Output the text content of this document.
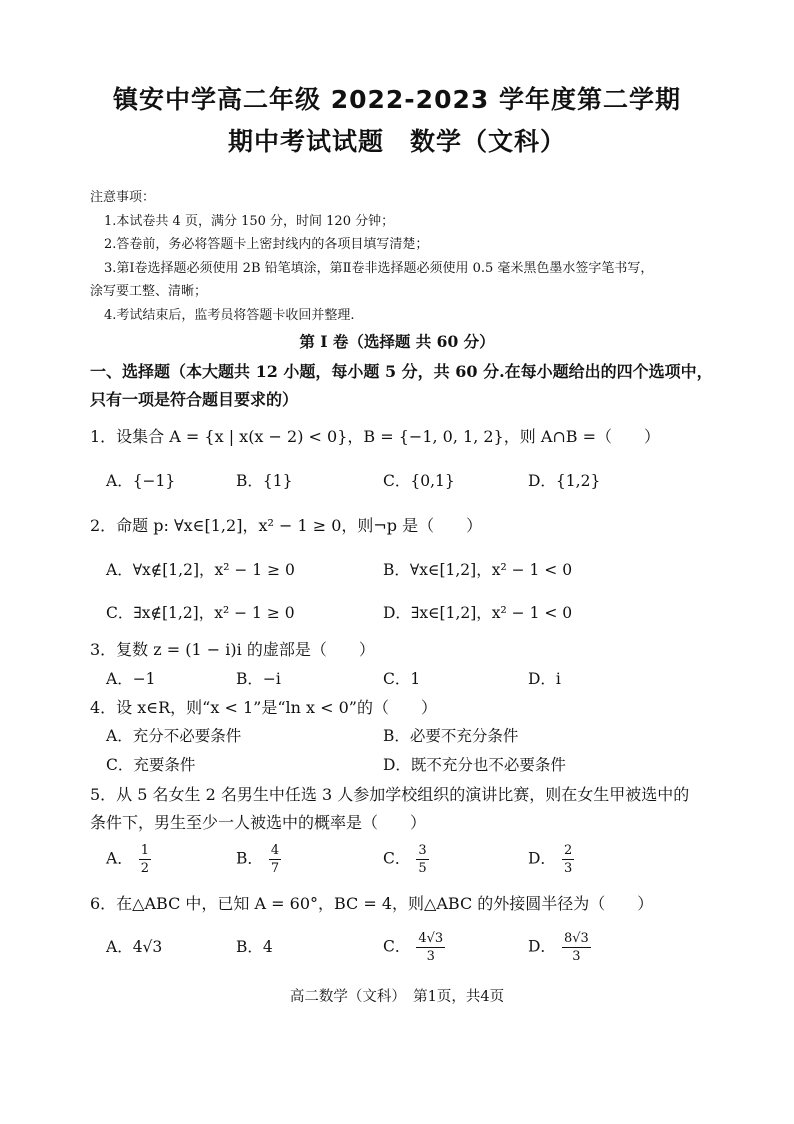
镇安中学高二年级 2022-2023 学年度第二学期
期中考试试题　数学（文科）
注意事项：
1.本试卷共 4 页，满分 150 分，时间 120 分钟；
2.答卷前，务必将答题卡上密封线内的各项目填写清楚；
3.第Ⅰ卷选择题必须使用 2B 铅笔填涂，第Ⅱ卷非选择题必须使用 0.5 毫米黑色墨水签字笔书写，
涂写要工整、清晰；
4.考试结束后，监考员将答题卡收回并整理.
第 I 卷（选择题 共 60 分）
一、选择题（本大题共 12 小题，每小题 5 分，共 60 分.在每小题给出的四个选项中，
只有一项是符合题目要求的）
1．设集合 A = {x | x(x − 2) < 0}，B = {−1, 0, 1, 2}，则 A∩B =（　　）
A．{−1}	B．{1}	C．{0,1}	D．{1,2}
2．命题 p: ∀x∈[1,2]，x² − 1 ≥ 0，则¬p 是（　　）
A．∀x∉[1,2]，x² − 1 ≥ 0	B．∀x∈[1,2]，x² − 1 < 0
C．∃x∉[1,2]，x² − 1 ≥ 0	D．∃x∈[1,2]，x² − 1 < 0
3．复数 z = (1 − i)i 的虚部是（　　）
A．−1	B．−i	C．1	D．i
4．设 x∈R，则“x < 1”是“ln x < 0”的（　　）
A．充分不必要条件	B．必要不充分条件
C．充要条件	D．既不充分也不必要条件
5．从 5 名女生 2 名男生中任选 3 人参加学校组织的演讲比赛，则在女生甲被选中的
条件下，男生至少一人被选中的概率是（　　）
A． $\frac{1}{2}$	B． $\frac{4}{7}$	C． $\frac{3}{5}$	D． $\frac{2}{3}$
6．在△ABC 中，已知 A = 60°，BC = 4，则△ABC 的外接圆半径为（　　）
A．4√3	B．4	C． $\frac{4√3}{3}$	D． $\frac{8√3}{3}$
高二数学（文科）　第1页，共4页
